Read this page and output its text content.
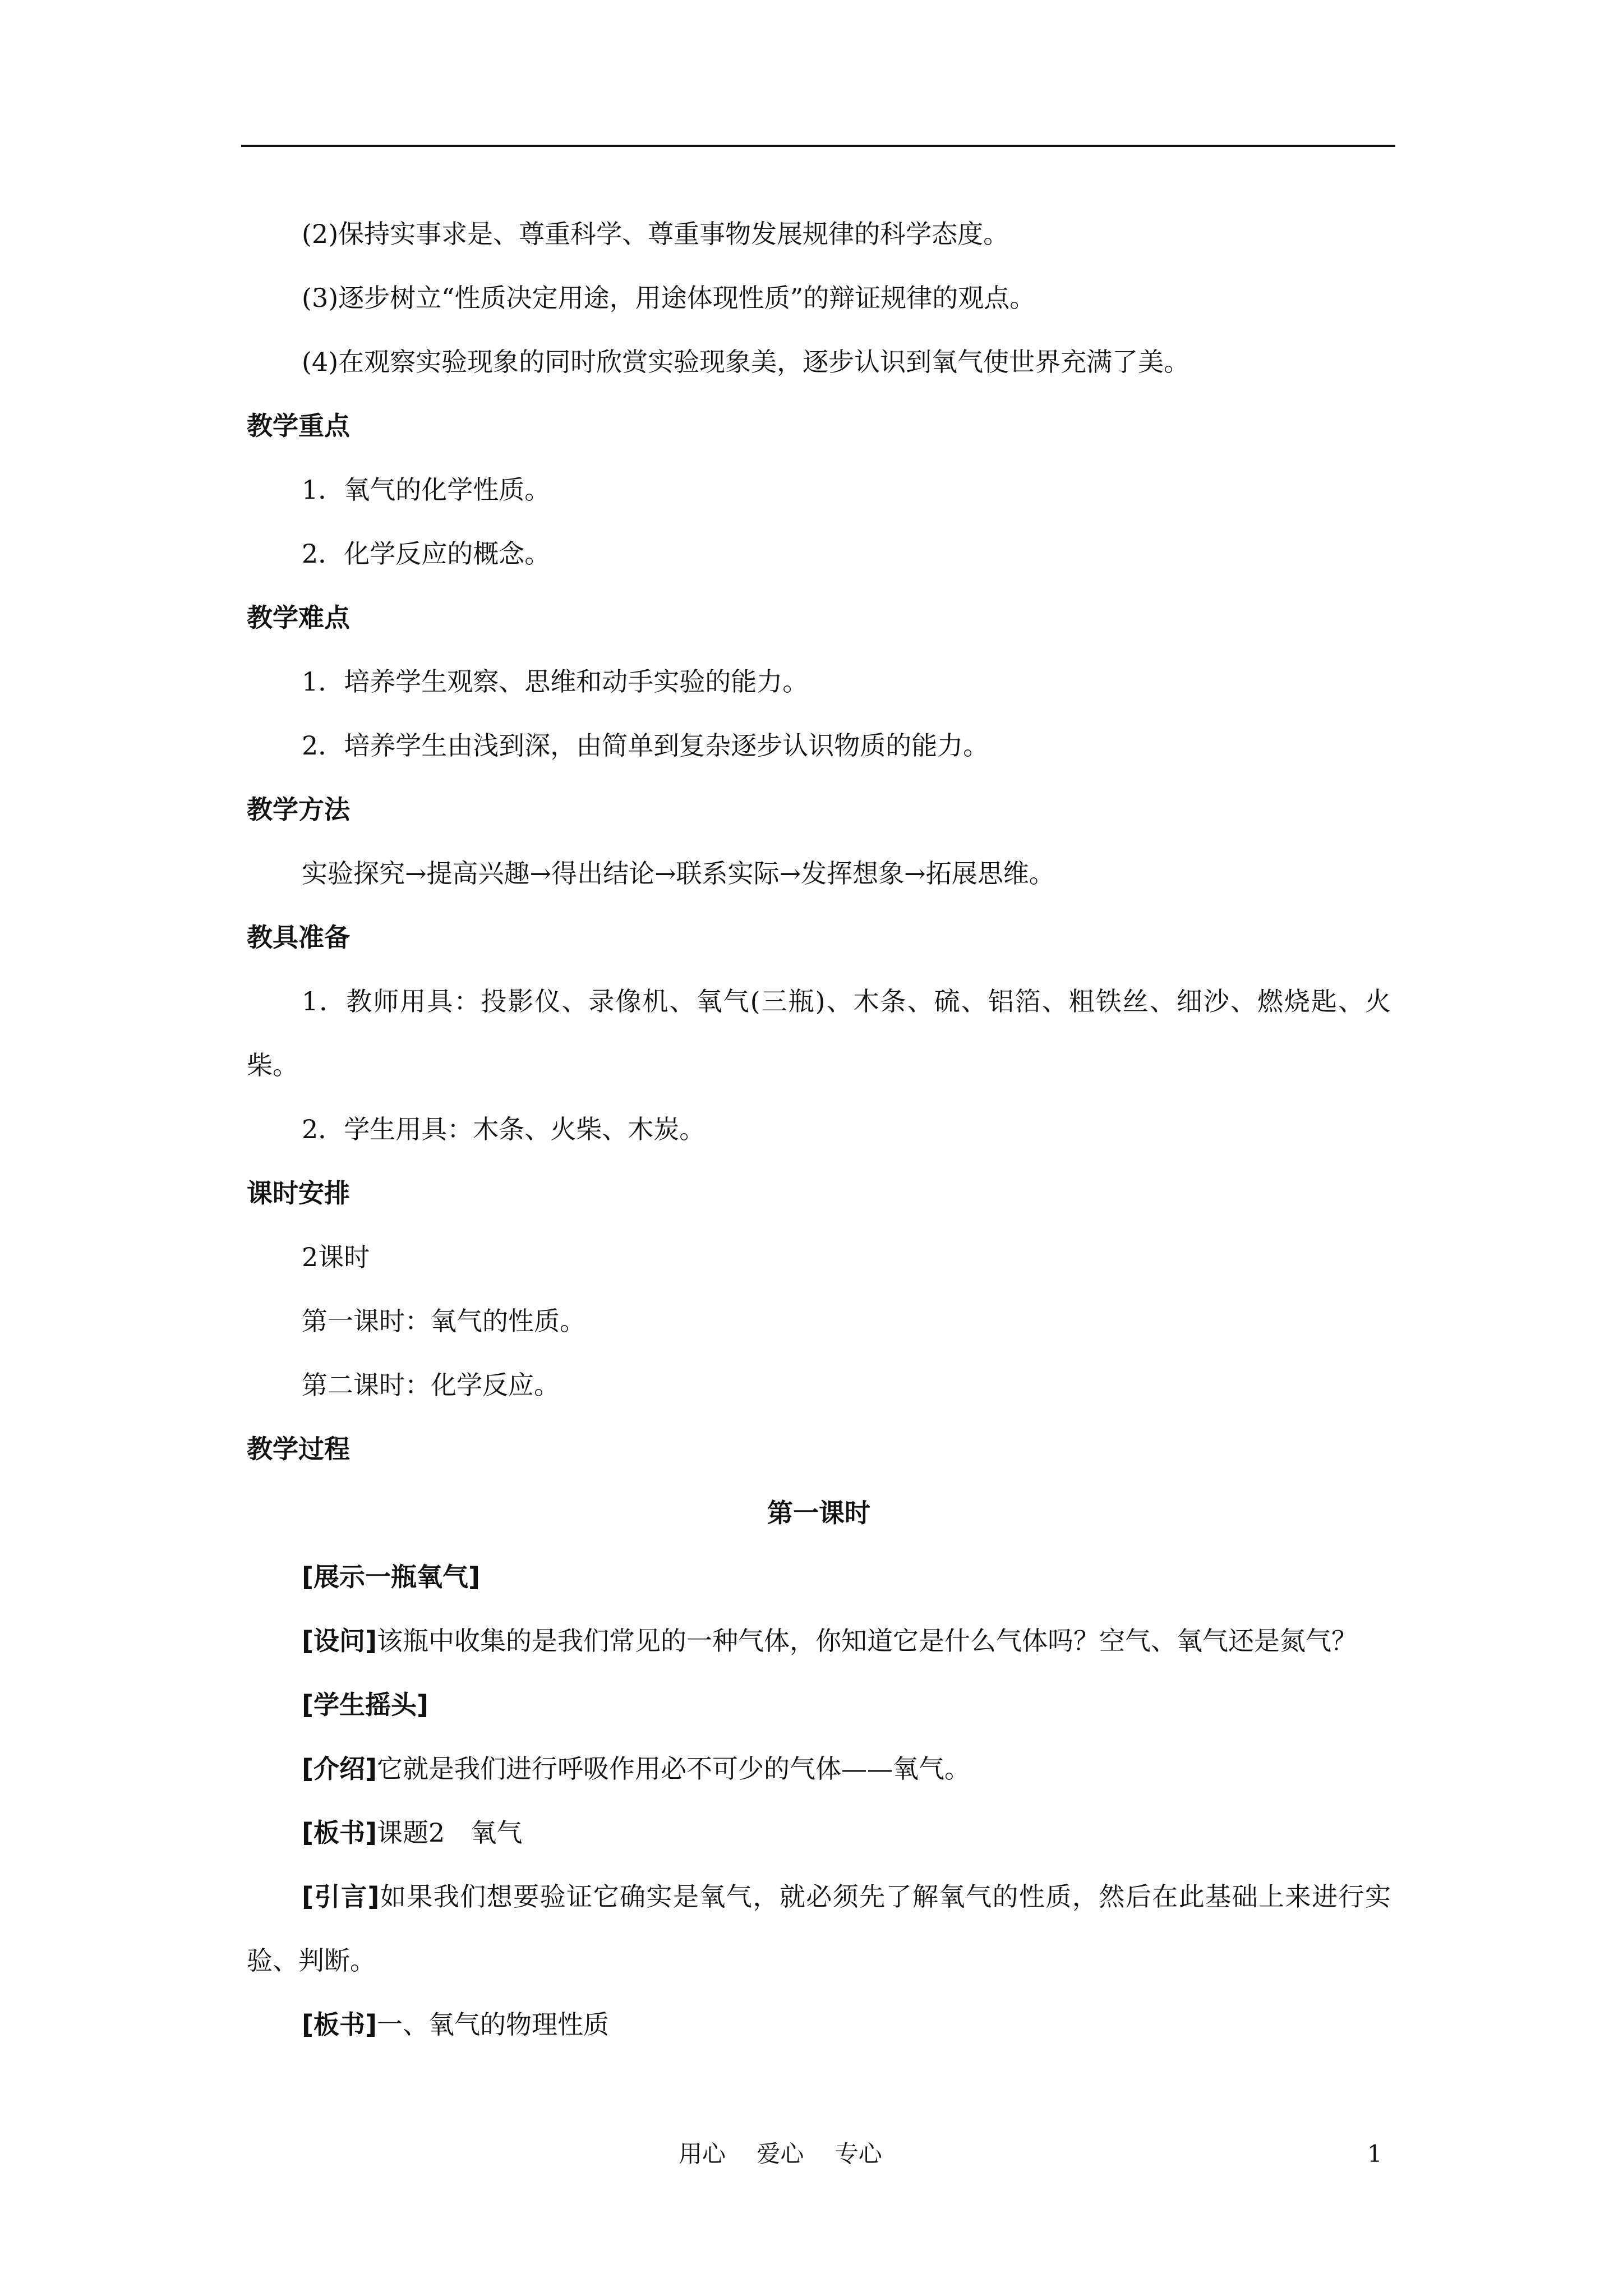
(2)保持实事求是、尊重科学、尊重事物发展规律的科学态度。
(3)逐步树立“性质决定用途，用途体现性质”的辩证规律的观点。
(4)在观察实验现象的同时欣赏实验现象美，逐步认识到氧气使世界充满了美。
教学重点
1．氧气的化学性质。
2．化学反应的概念。
教学难点
1．培养学生观察、思维和动手实验的能力。
2．培养学生由浅到深，由简单到复杂逐步认识物质的能力。
教学方法
实验探究→提高兴趣→得出结论→联系实际→发挥想象→拓展思维。
教具准备
1．教师用具：投影仪、录像机、氧气(三瓶)、木条、硫、铝箔、粗铁丝、细沙、燃烧匙、火柴。
2．学生用具：木条、火柴、木炭。
课时安排
2课时
第一课时：氧气的性质。
第二课时：化学反应。
教学过程
第一课时
[展示一瓶氧气]
[设问]该瓶中收集的是我们常见的一种气体，你知道它是什么气体吗？空气、氧气还是氮气？
[学生摇头]
[介绍]它就是我们进行呼吸作用必不可少的气体——氧气。
[板书]课题2　氧气
[引言]如果我们想要验证它确实是氧气，就必须先了解氧气的性质，然后在此基础上来进行实验、判断。
[板书]一、氧气的物理性质
用心　 爱心　 专心	1
